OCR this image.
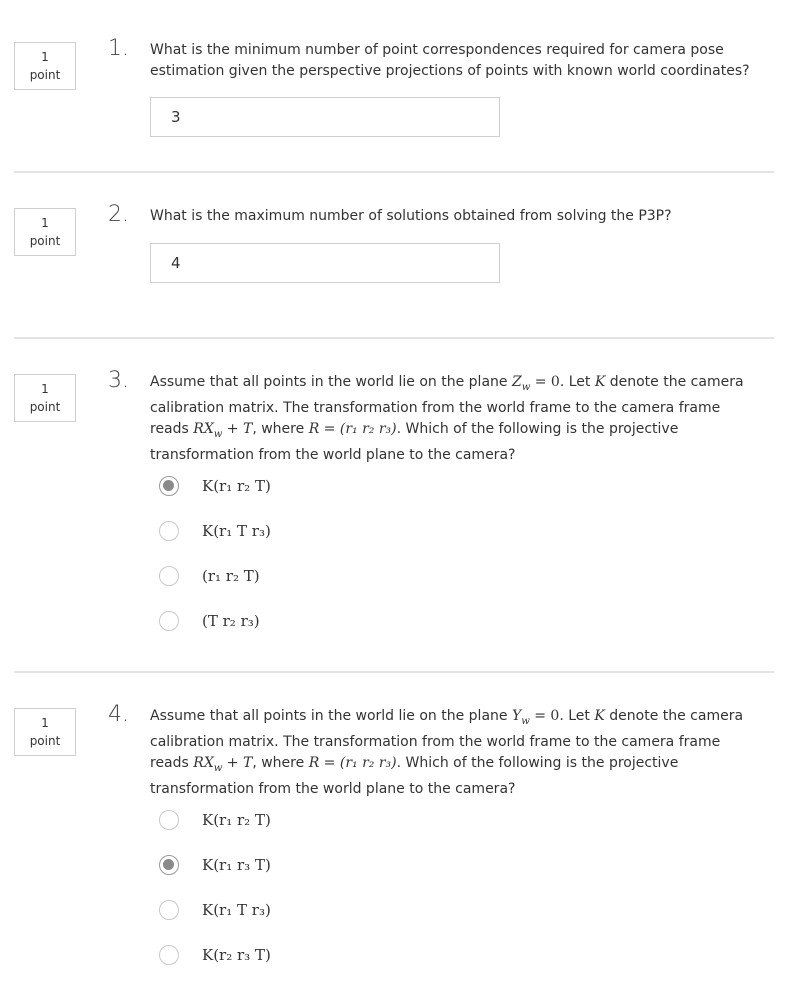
1
point
1. What is the minimum number of point correspondences required for camera pose estimation given the perspective projections of points with known world coordinates?
3
1
point
2. What is the maximum number of solutions obtained from solving the P3P?
4
1
point
3. Assume that all points in the world lie on the plane $Z_w = 0$. Let K denote the camera calibration matrix. The transformation from the world frame to the camera frame reads $RX_w + T$, where R = (r₁ r₂ r₃). Which of the following is the projective transformation from the world plane to the camera?
K(r₁ r₂ T)
K(r₁ T r₃)
(r₁ r₂ T)
(T r₂ r₃)
1
point
4. Assume that all points in the world lie on the plane $Y_w = 0$. Let K denote the camera calibration matrix. The transformation from the world frame to the camera frame reads $RX_w + T$, where R = (r₁ r₂ r₃). Which of the following is the projective transformation from the world plane to the camera?
K(r₁ r₂ T)
K(r₁ r₃ T)
K(r₁ T r₃)
K(r₂ r₃ T)
